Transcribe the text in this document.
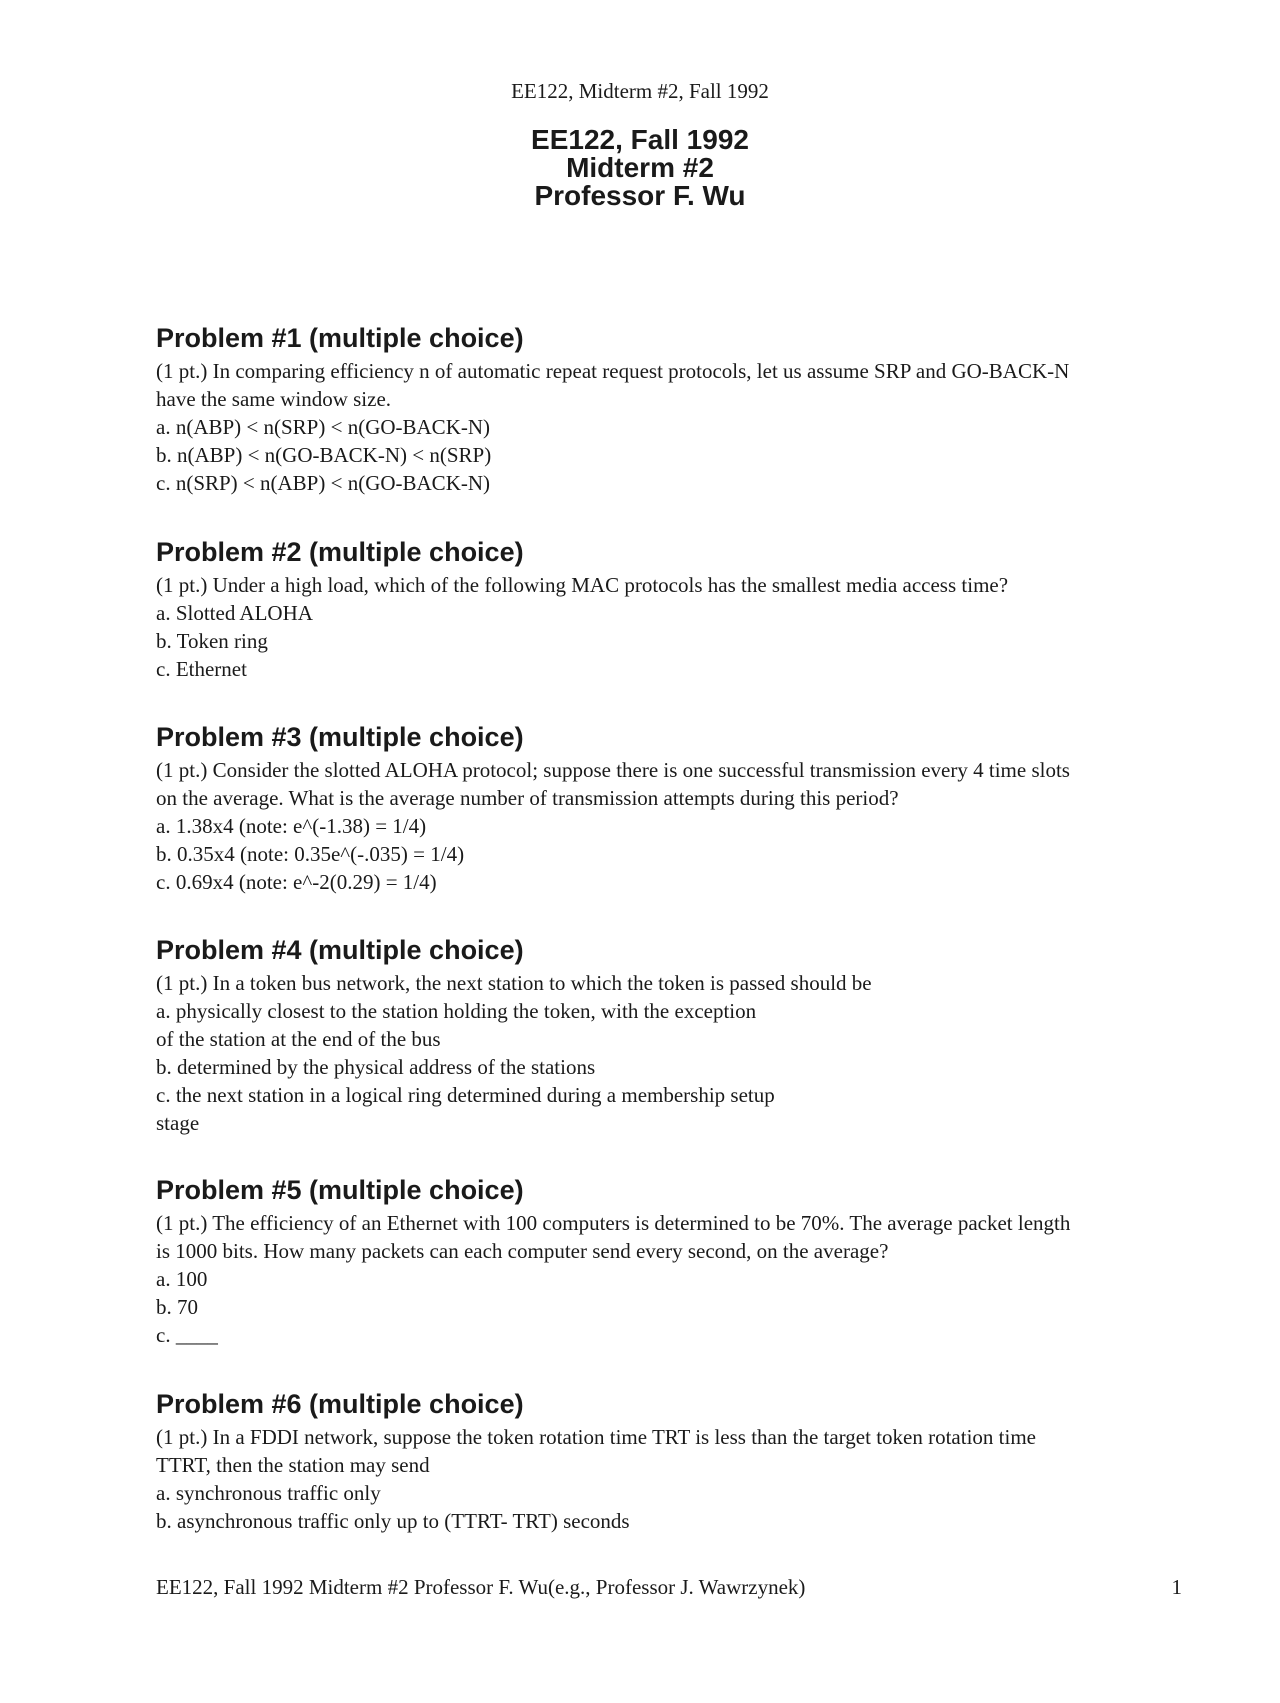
EE122, Midterm #2, Fall 1992
EE122, Fall 1992
Midterm #2
Professor F. Wu
Problem #1 (multiple choice)
(1 pt.) In comparing efficiency n of automatic repeat request protocols, let us assume SRP and GO-BACK-N
have the same window size.
a. n(ABP) < n(SRP) < n(GO-BACK-N)
b. n(ABP) < n(GO-BACK-N) < n(SRP)
c. n(SRP) < n(ABP) < n(GO-BACK-N)
Problem #2 (multiple choice)
(1 pt.) Under a high load, which of the following MAC protocols has the smallest media access time?
a. Slotted ALOHA
b. Token ring
c. Ethernet
Problem #3 (multiple choice)
(1 pt.) Consider the slotted ALOHA protocol; suppose there is one successful transmission every 4 time slots
on the average. What is the average number of transmission attempts during this period?
a. 1.38x4 (note: e^(-1.38) = 1/4)
b. 0.35x4 (note: 0.35e^(-.035) = 1/4)
c. 0.69x4 (note: e^-2(0.29) = 1/4)
Problem #4 (multiple choice)
(1 pt.) In a token bus network, the next station to which the token is passed should be
a. physically closest to the station holding the token, with the exception
of the station at the end of the bus
b. determined by the physical address of the stations
c. the next station in a logical ring determined during a membership setup
stage
Problem #5 (multiple choice)
(1 pt.) The efficiency of an Ethernet with 100 computers is determined to be 70%. The average packet length
is 1000 bits. How many packets can each computer send every second, on the average?
a. 100
b. 70
c. ____
Problem #6 (multiple choice)
(1 pt.) In a FDDI network, suppose the token rotation time TRT is less than the target token rotation time
TTRT, then the station may send
a. synchronous traffic only
b. asynchronous traffic only up to (TTRT- TRT) seconds
EE122, Fall 1992 Midterm #2 Professor F. Wu(e.g., Professor J. Wawrzynek)	1
